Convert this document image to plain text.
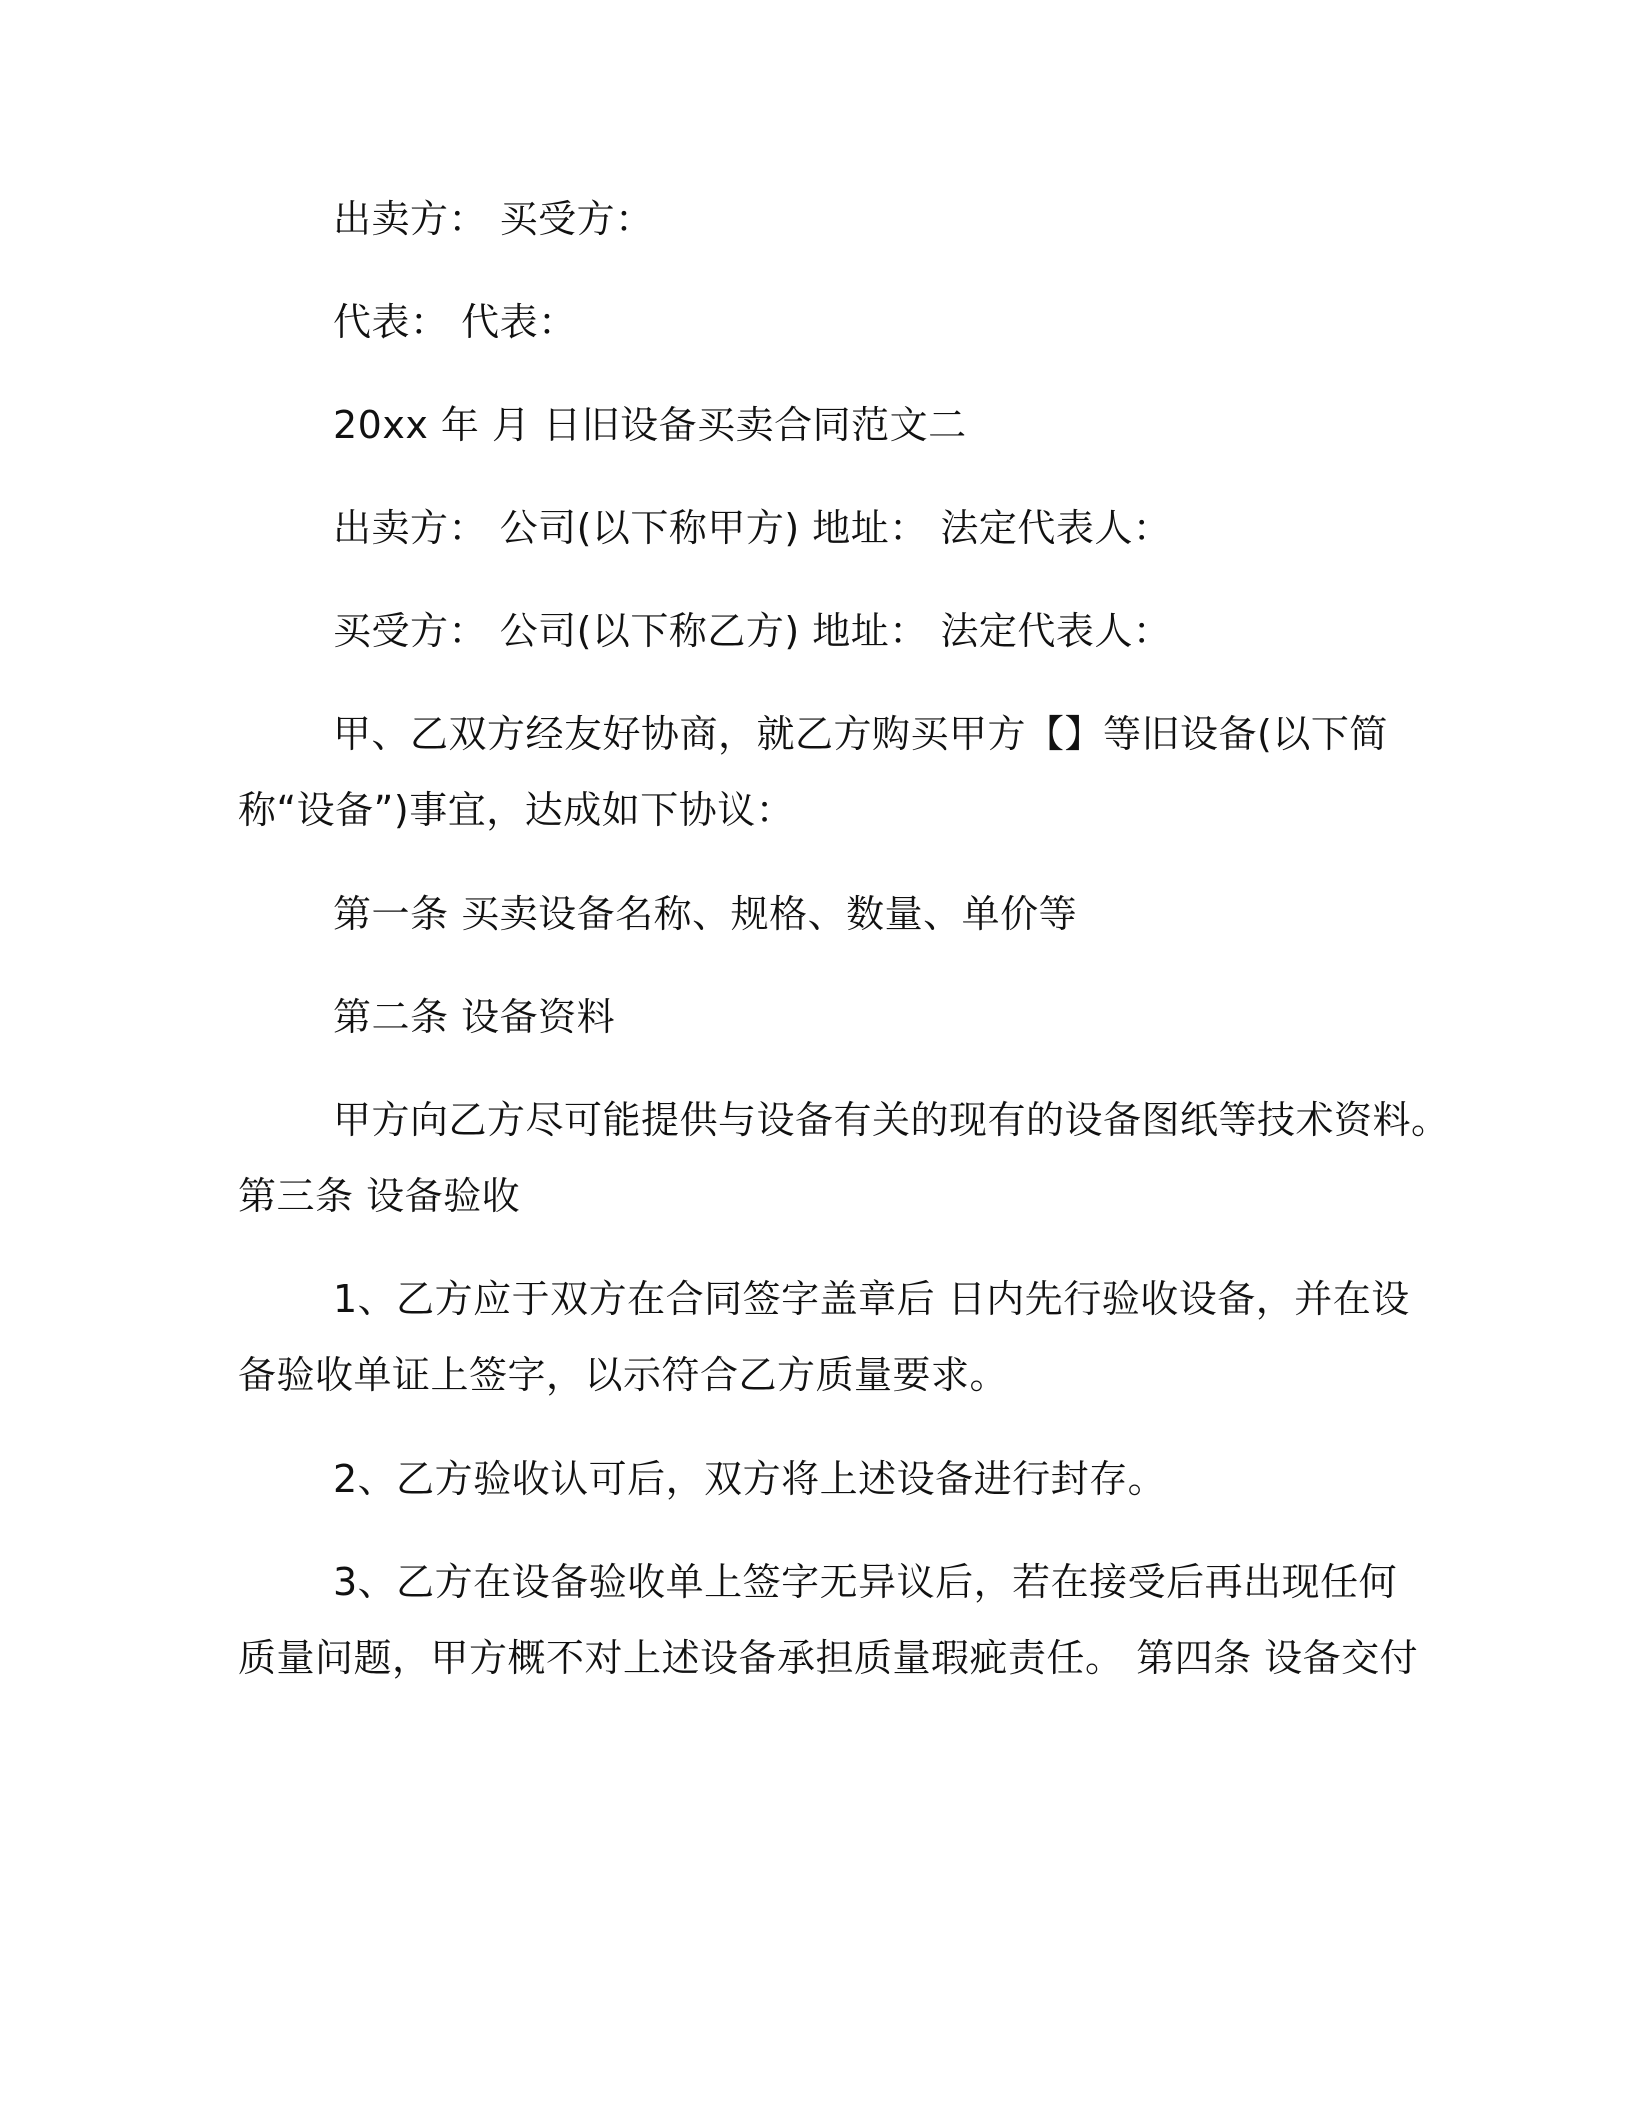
出卖方： 买受方：
代表： 代表：
20xx 年 月 日旧设备买卖合同范文二
出卖方： 公司(以下称甲方) 地址： 法定代表人：
买受方： 公司(以下称乙方) 地址： 法定代表人：
甲、乙双方经友好协商，就乙方购买甲方【】等旧设备(以下简
称“设备”)事宜，达成如下协议：
第一条 买卖设备名称、规格、数量、单价等
第二条 设备资料
甲方向乙方尽可能提供与设备有关的现有的设备图纸等技术资料。
第三条 设备验收
1、乙方应于双方在合同签字盖章后 日内先行验收设备，并在设
备验收单证上签字，以示符合乙方质量要求。
2、乙方验收认可后，双方将上述设备进行封存。
3、乙方在设备验收单上签字无异议后，若在接受后再出现任何
质量问题，甲方概不对上述设备承担质量瑕疵责任。 第四条 设备交付
